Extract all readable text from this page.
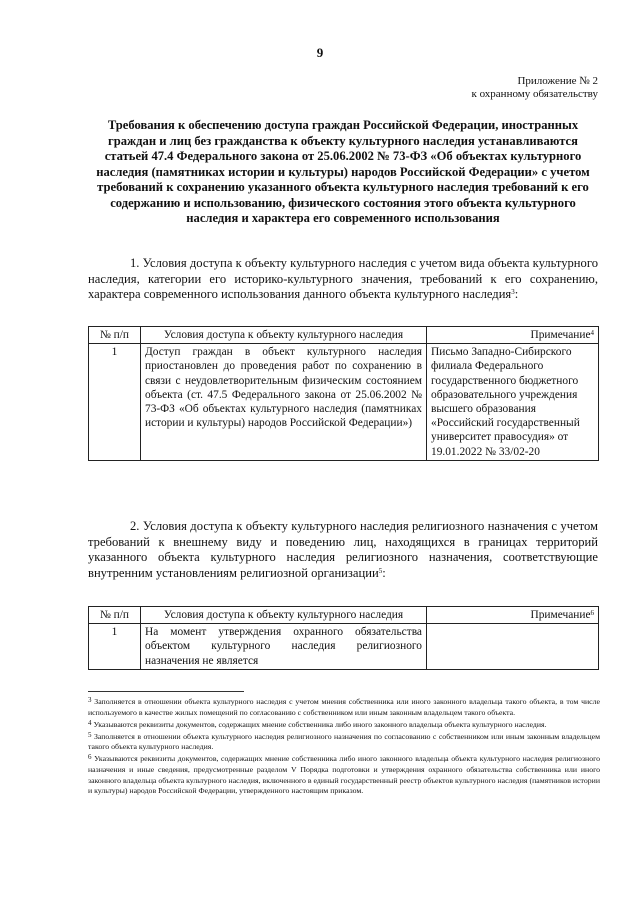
9
Приложение № 2
к охранному обязательству
Требования к обеспечению доступа граждан Российской Федерации, иностранных граждан и лиц без гражданства к объекту культурного наследия устанавливаются статьей 47.4 Федерального закона от 25.06.2002 № 73-ФЗ «Об объектах культурного наследия (памятниках истории и культуры) народов Российской Федерации» с учетом требований к сохранению указанного объекта культурного наследия требований к его содержанию и использованию, физического состояния этого объекта культурного наследия и характера его современного использования
1. Условия доступа к объекту культурного наследия с учетом вида объекта культурного наследия, категории его историко-культурного значения, требований к его сохранению, характера современного использования данного объекта культурного наследия$^3$:
№ п/п	Условия доступа к объекту культурного наследия	Примечание$^4$
1	Доступ граждан в объект культурного наследия приостановлен до проведения работ по сохранению в связи с неудовлетворительным физическим состоянием объекта (ст. 47.5 Федерального закона от 25.06.2002 № 73-ФЗ «Об объектах культурного наследия (памятниках истории и культуры) народов Российской Федерации»)	Письмо Западно-Сибирского филиала Федерального государственного бюджетного образовательного учреждения высшего образования «Российский государственный университет правосудия» от 19.01.2022 № 33/02-20
2. Условия доступа к объекту культурного наследия религиозного назначения с учетом требований к внешнему виду и поведению лиц, находящихся в границах территорий указанного объекта культурного наследия религиозного назначения, соответствующие внутренним установлениям религиозной организации$^5$:
№ п/п	Условия доступа к объекту культурного наследия	Примечание$^6$
1	На момент утверждения охранного обязательства объектом культурного наследия религиозного назначения не является	

$^3$ Заполняется в отношении объекта культурного наследия с учетом мнения собственника или иного законного владельца такого объекта, в том числе используемого в качестве жилых помещений по согласованию с собственником или иным законным владельцем такого объекта.

$^4$ Указываются реквизиты документов, содержащих мнение собственника либо иного законного владельца объекта культурного наследия.

$^5$ Заполняется в отношении объекта культурного наследия религиозного назначения по согласованию с собственником или иным законным владельцем такого объекта культурного наследия.

$^6$ Указываются реквизиты документов, содержащих мнение собственника либо иного законного владельца объекта культурного наследия религиозного назначения и иные сведения, предусмотренные разделом V Порядка подготовки и утверждения охранного обязательства собственника или иного законного владельца объекта культурного наследия, включенного в единый государственный реестр объектов культурного наследия (памятников истории и культуры) народов Российской Федерации, утвержденного настоящим приказом.
